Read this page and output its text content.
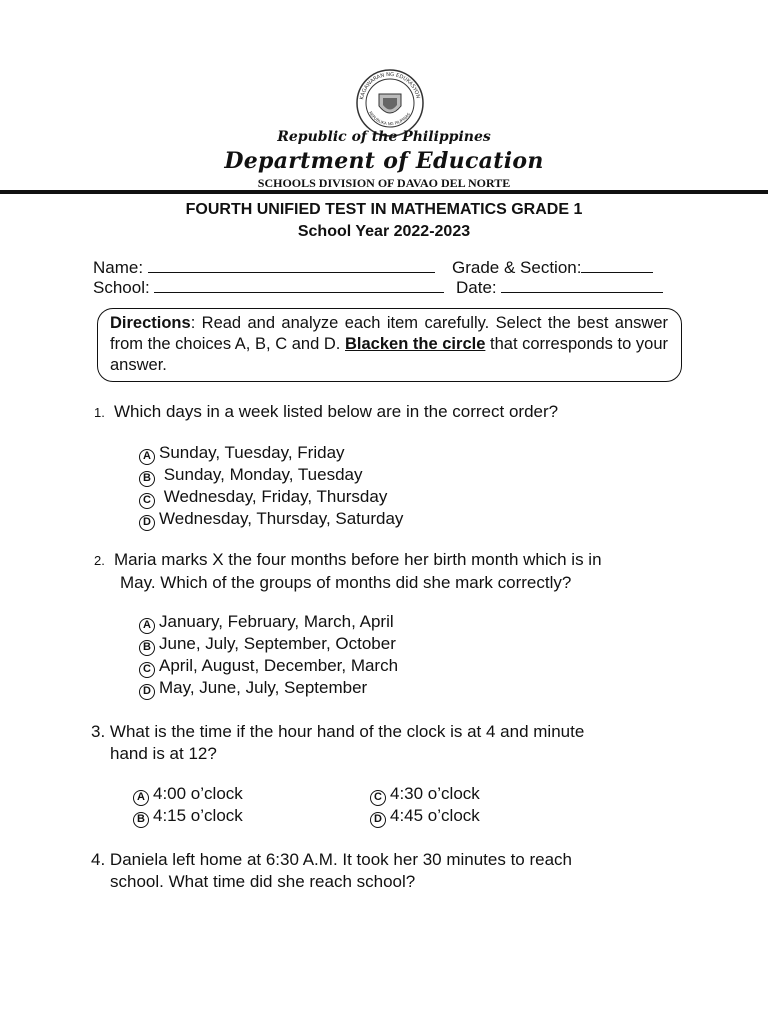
KAGAWARAN NG EDUKASYON
REPUBLIKA NG PILIPINAS
Republic of the Philippines
Department of Education
SCHOOLS DIVISION OF DAVAO DEL NORTE
FOURTH UNIFIED TEST IN MATHEMATICS GRADE 1
School Year 2022-2023
Name:	Grade & Section:
School:	Date:
Directions: Read and analyze each item carefully. Select the best answer from the choices A, B, C and D. Blacken the circle that corresponds to your answer.
1. Which days in a week listed below are in the correct order?
A Sunday, Tuesday, Friday
B Sunday, Monday, Tuesday
C Wednesday, Friday, Thursday
D Wednesday, Thursday, Saturday
2. Maria marks X the four months before her birth month which is in
May. Which of the groups of months did she mark correctly?
A January, February, March, April
B June, July, September, October
C April, August, December, March
D May, June, July, September
3. What is the time if the hour hand of the clock is at 4 and minute
hand is at 12?
A 4:00 o’clock
B 4:15 o’clock
C 4:30 o’clock
D 4:45 o’clock
4. Daniela left home at 6:30 A.M. It took her 30 minutes to reach
school. What time did she reach school?
